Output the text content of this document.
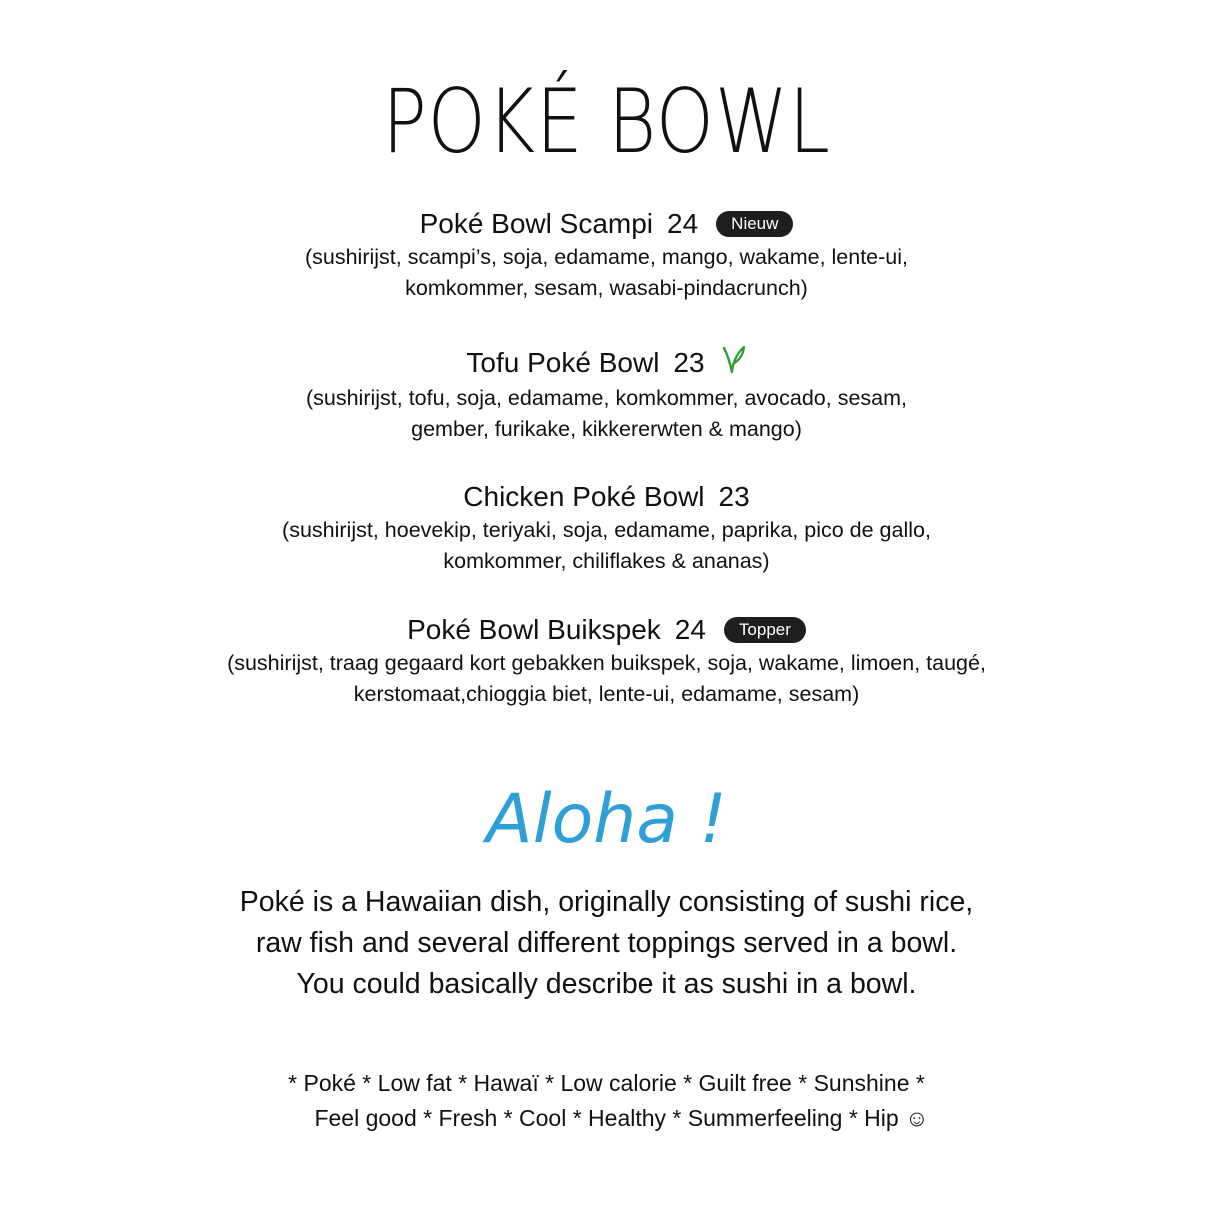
POKÉ BOWL
Poké Bowl Scampi 24 Nieuw
(sushirijst, scampi’s, soja, edamame, mango, wakame, lente-ui,
komkommer, sesam, wasabi-pindacrunch)
Tofu Poké Bowl 23
(sushirijst, tofu, soja, edamame, komkommer, avocado, sesam,
gember, furikake, kikkererwten & mango)
Chicken Poké Bowl 23
(sushirijst, hoevekip, teriyaki, soja, edamame, paprika, pico de gallo,
komkommer, chiliflakes & ananas)
Poké Bowl Buikspek 24 Topper
(sushirijst, traag gegaard kort gebakken buikspek, soja, wakame, limoen, taugé,
kerstomaat,chioggia biet, lente-ui, edamame, sesam)
Aloha !
Poké is a Hawaiian dish, originally consisting of sushi rice,
raw fish and several different toppings served in a bowl.
You could basically describe it as sushi in a bowl.
* Poké * Low fat * Hawaï * Low calorie * Guilt free * Sunshine *
Feel good * Fresh * Cool * Healthy * Summerfeeling * Hip ☺
